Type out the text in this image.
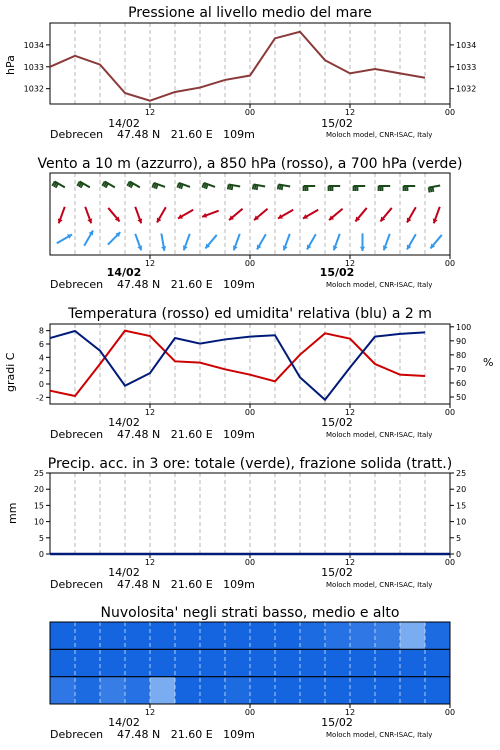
Pressione al livello medio del mare
hPa
14/02	15/02
Debrecen    47.48 N   21.60 E   109m	Moloch model, CNR-ISAC, Italy
Vento a 10 m (azzurro), a 850 hPa (rosso), a 700 hPa (verde)
14/02	15/02
Debrecen    47.48 N   21.60 E   109m	Moloch model, CNR-ISAC, Italy
Temperatura (rosso) ed umidita' relativa (blu) a 2 m
gradi C	%
14/02	15/02
Debrecen    47.48 N   21.60 E   109m	Moloch model, CNR-ISAC, Italy
Precip. acc. in 3 ore: totale (verde), frazione solida (tratt.)
mm
14/02	15/02
Debrecen    47.48 N   21.60 E   109m	Moloch model, CNR-ISAC, Italy
Nuvolosita' negli strati basso, medio e alto
14/02	15/02
Debrecen    47.48 N   21.60 E   109m	Moloch model, CNR-ISAC, Italy
12	00	12	00
1032	1032
1033	1033
1034	1034
12	00	12	00
12	00	12	00
-2
0
2
4
6
8
50
60
70
80
90
100
12	00	12	00
0	0
5	5
10	10
15	15
20	20
25	25
12	00	12	00
